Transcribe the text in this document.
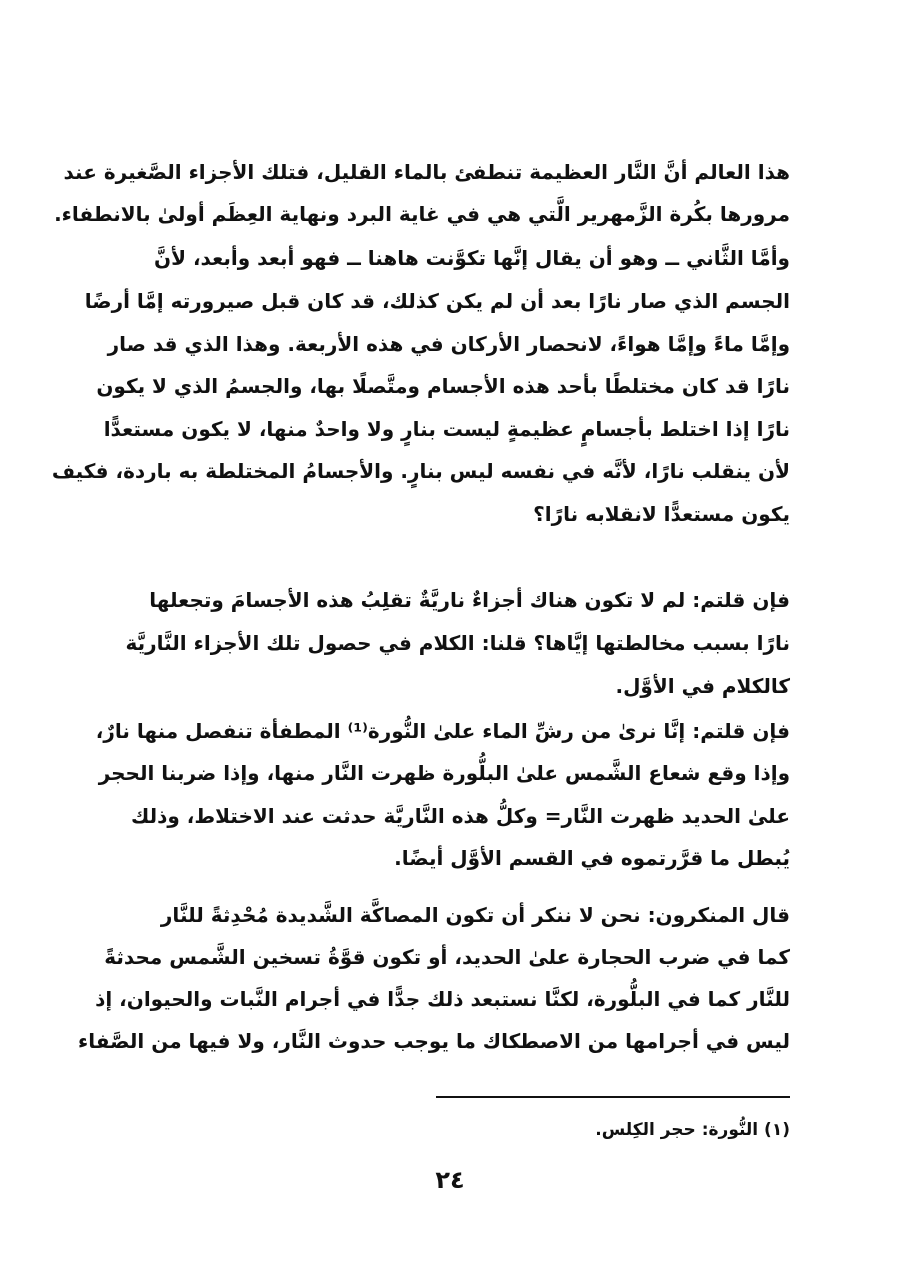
هذا العالم أنَّ النَّار العظيمة تنطفئ بالماء القليل، فتلك الأجزاء الصَّغيرة عند
مرورها بكُرة الزَّمهرير الَّتي هي في غاية البرد ونهاية العِظَم أولىٰ بالانطفاء.
وأمَّا الثَّاني ــ وهو أن يقال إنَّها تكوَّنت هاهنا ــ فهو أبعد وأبعد، لأنَّ
الجسم الذي صار نارًا بعد أن لم يكن كذلك، قد كان قبل صيرورته إمَّا أرضًا
وإمَّا ماءً وإمَّا هواءً، لانحصار الأركان في هذه الأربعة. وهذا الذي قد صار
نارًا قد كان مختلطًا بأحد هذه الأجسام ومتَّصلًا بها، والجسمُ الذي لا يكون
نارًا إذا اختلط بأجسامٍ عظيمةٍ ليست بنارٍ ولا واحدٌ منها، لا يكون مستعدًّا
لأن ينقلب نارًا، لأنَّه في نفسه ليس بنارٍ. والأجسامُ المختلطة به باردة، فكيف
يكون مستعدًّا لانقلابه نارًا؟
فإن قلتم: لم لا تكون هناك أجزاءٌ ناريَّةٌ تقلِبُ هذه الأجسامَ وتجعلها
نارًا بسبب مخالطتها إيَّاها؟ قلنا: الكلام في حصول تلك الأجزاء النَّاريَّة
كالكلام في الأوَّل.
فإن قلتم: إنَّا نرىٰ من رشِّ الماء علىٰ النُّورة⁽¹⁾ المطفأة تنفصل منها نارٌ،
وإذا وقع شعاع الشَّمس علىٰ البلُّورة ظهرت النَّار منها، وإذا ضربنا الحجر
علىٰ الحديد ظهرت النَّار= وكلُّ هذه النَّاريَّة حدثت عند الاختلاط، وذلك
يُبطل ما قرَّرتموه في القسم الأوَّل أيضًا.
قال المنكرون: نحن لا ننكر أن تكون المصاكَّة الشَّديدة مُحْدِثةً للنَّار
كما في ضرب الحجارة علىٰ الحديد، أو تكون قوَّةُ تسخين الشَّمس محدثةً
للنَّار كما في البلُّورة، لكنَّا نستبعد ذلك جدًّا في أجرام النَّبات والحيوان، إذ
ليس في أجرامها من الاصطكاك ما يوجب حدوث النَّار، ولا فيها من الصَّفاء
(١) النُّورة: حجر الكِلس.
٢٤
